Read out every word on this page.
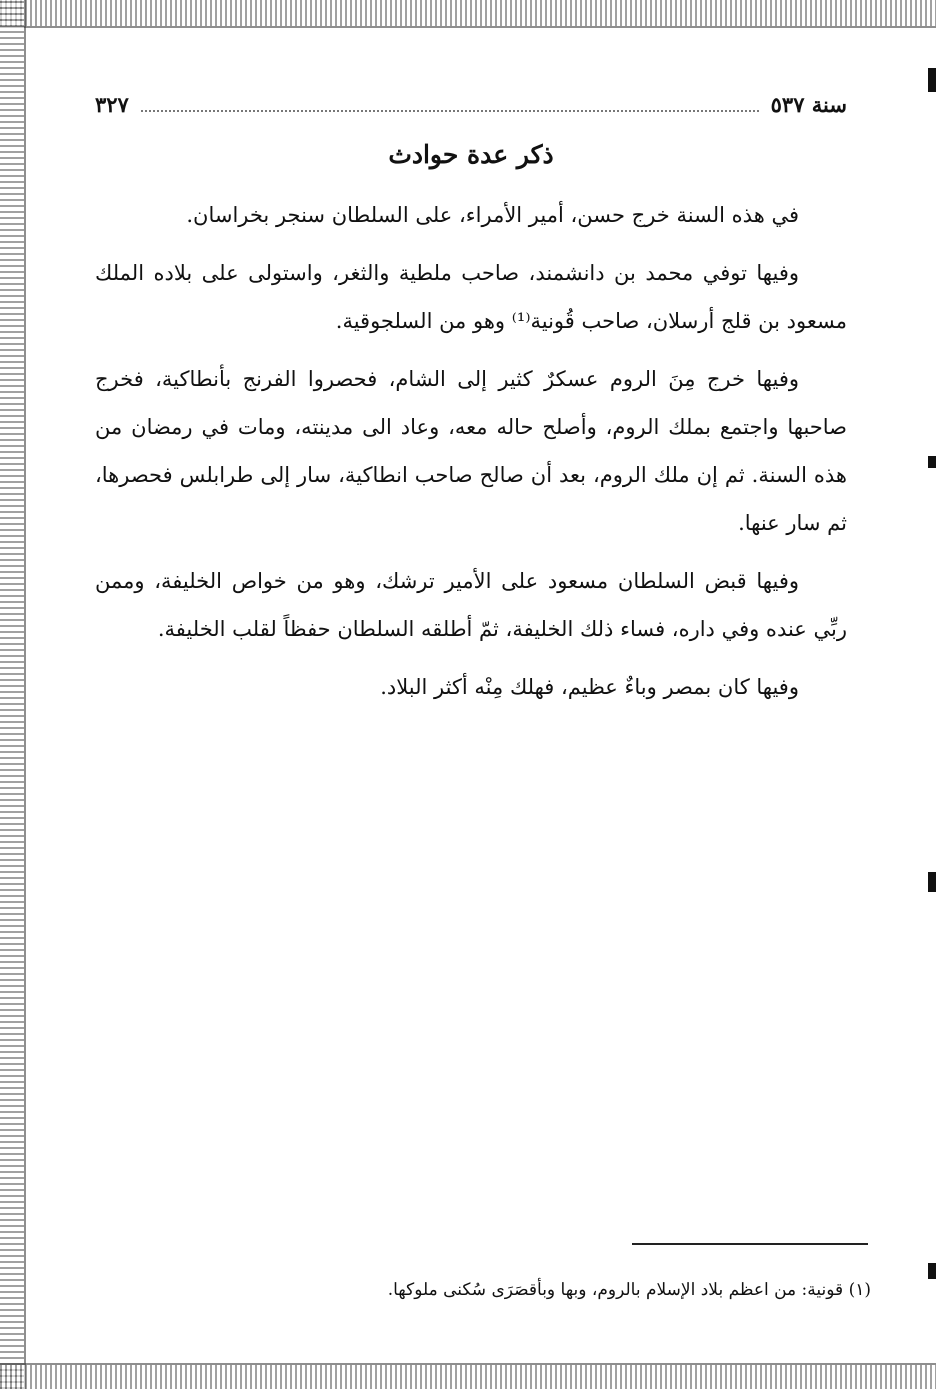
سنة ٥٣٧
٣٢٧
ذكر عدة حوادث

في هذه السنة خرج حسن، أمير الأمراء، على السلطان سنجر بخراسان.

وفيها توفي محمد بن دانشمند، صاحب ملطية والثغر، واستولى على بلاده الملك مسعود بن قلج أرسلان، صاحب قُونية⁽¹⁾ وهو من السلجوقية.

وفيها خرج مِنَ الروم عسكرٌ كثير إلى الشام، فحصروا الفرنج بأنطاكية، فخرج صاحبها واجتمع بملك الروم، وأصلح حاله معه، وعاد الى مدينته، ومات في رمضان من هذه السنة. ثم إن ملك الروم، بعد أن صالح صاحب انطاكية، سار إلى طرابلس فحصرها، ثم سار عنها.

وفيها قبض السلطان مسعود على الأمير ترشك، وهو من خواص الخليفة، وممن ربِّي عنده وفي داره، فساء ذلك الخليفة، ثمّ أطلقه السلطان حفظاً لقلب الخليفة.

وفيها كان بمصر وباءٌ عظيم، فهلك مِنْه أكثر البلاد.

(١) قونية: من اعظم بلاد الإسلام بالروم، وبها وبأقصَرَى سُكنى ملوكها.
